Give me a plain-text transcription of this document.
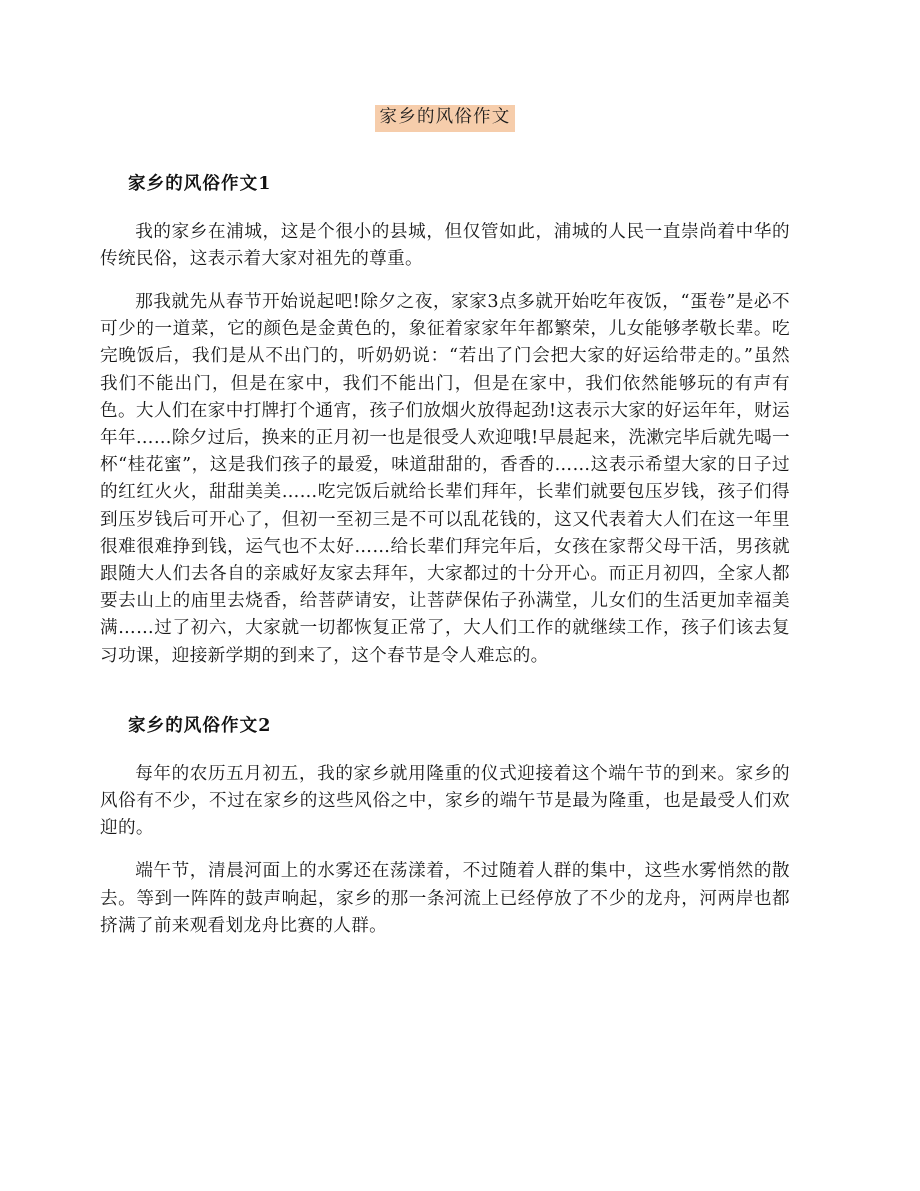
家乡的风俗作文
家乡的风俗作文1

我的家乡在浦城，这是个很小的县城，但仅管如此，浦城的人民一直崇尚着中华的传统民俗，这表示着大家对祖先的尊重。

那我就先从春节开始说起吧!除夕之夜，家家3点多就开始吃年夜饭，“蛋卷”是必不可少的一道菜，它的颜色是金黄色的，象征着家家年年都繁荣，儿女能够孝敬长辈。吃完晚饭后，我们是从不出门的，听奶奶说：“若出了门会把大家的好运给带走的。”虽然我们不能出门，但是在家中，我们不能出门，但是在家中，我们依然能够玩的有声有色。大人们在家中打牌打个通宵，孩子们放烟火放得起劲!这表示大家的好运年年，财运年年……除夕过后，换来的正月初一也是很受人欢迎哦!早晨起来，洗漱完毕后就先喝一杯“桂花蜜”，这是我们孩子的最爱，味道甜甜的，香香的……这表示希望大家的日子过的红红火火，甜甜美美……吃完饭后就给长辈们拜年，长辈们就要包压岁钱，孩子们得到压岁钱后可开心了，但初一至初三是不可以乱花钱的，这又代表着大人们在这一年里很难很难挣到钱，运气也不太好……给长辈们拜完年后，女孩在家帮父母干活，男孩就跟随大人们去各自的亲戚好友家去拜年，大家都过的十分开心。而正月初四，全家人都要去山上的庙里去烧香，给菩萨请安，让菩萨保佑子孙满堂，儿女们的生活更加幸福美满……过了初六，大家就一切都恢复正常了，大人们工作的就继续工作，孩子们该去复习功课，迎接新学期的到来了，这个春节是令人难忘的。

家乡的风俗作文2

每年的农历五月初五，我的家乡就用隆重的仪式迎接着这个端午节的到来。家乡的风俗有不少，不过在家乡的这些风俗之中，家乡的端午节是最为隆重，也是最受人们欢迎的。

端午节，清晨河面上的水雾还在荡漾着，不过随着人群的集中，这些水雾悄然的散去。等到一阵阵的鼓声响起，家乡的那一条河流上已经停放了不少的龙舟，河两岸也都挤满了前来观看划龙舟比赛的人群。
